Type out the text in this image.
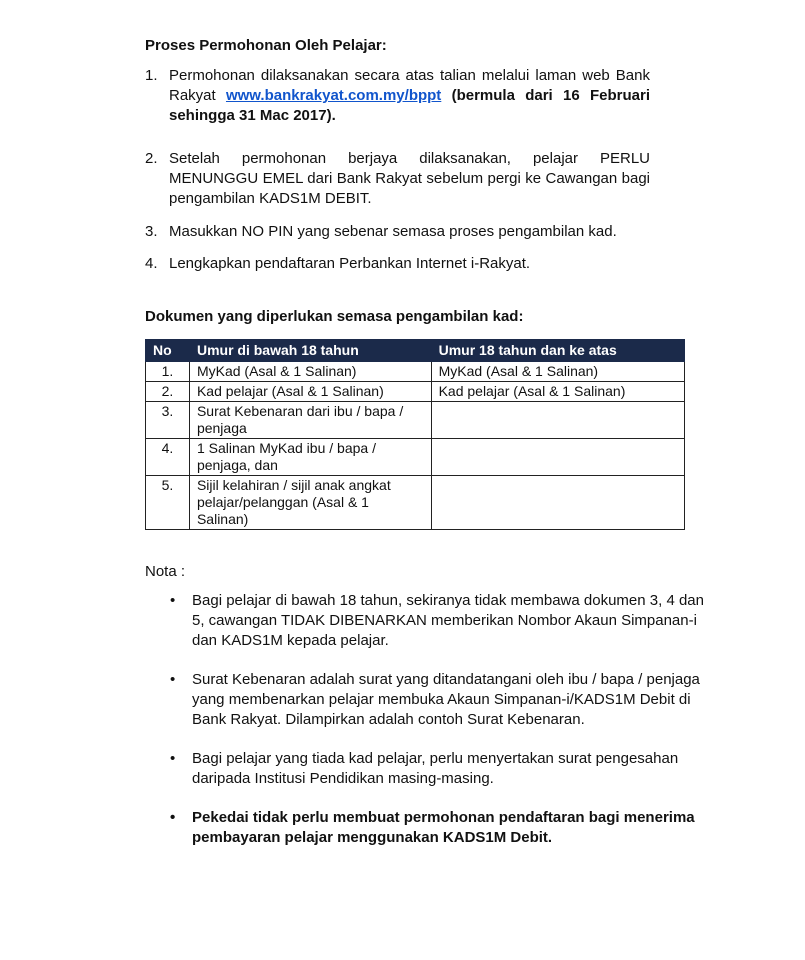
Proses Permohonan Oleh Pelajar:
1. Permohonan dilaksanakan secara atas talian melalui laman web Bank Rakyat www.bankrakyat.com.my/bppt (bermula dari 16 Februari sehingga 31 Mac 2017).
2. Setelah permohonan berjaya dilaksanakan, pelajar PERLU MENUNGGU EMEL dari Bank Rakyat sebelum pergi ke Cawangan bagi pengambilan KADS1M DEBIT.
3. Masukkan NO PIN yang sebenar semasa proses pengambilan kad.
4. Lengkapkan pendaftaran Perbankan Internet i-Rakyat.
Dokumen yang diperlukan semasa pengambilan kad:
No	Umur di bawah 18 tahun	Umur 18 tahun dan ke atas
1.	MyKad (Asal & 1 Salinan)	MyKad (Asal & 1 Salinan)
2.	Kad pelajar (Asal & 1 Salinan)	Kad pelajar (Asal & 1 Salinan)
3.	Surat Kebenaran dari ibu / bapa / penjaga	
4.	1 Salinan MyKad ibu / bapa / penjaga, dan	
5.	Sijil kelahiran / sijil anak angkat pelajar/pelanggan (Asal & 1 Salinan)	
Nota :
• Bagi pelajar di bawah 18 tahun, sekiranya tidak membawa dokumen 3, 4 dan 5, cawangan TIDAK DIBENARKAN memberikan Nombor Akaun Simpanan-i dan KADS1M kepada pelajar.
• Surat Kebenaran adalah surat yang ditandatangani oleh ibu / bapa / penjaga yang membenarkan pelajar membuka Akaun Simpanan-i/KADS1M Debit di Bank Rakyat. Dilampirkan adalah contoh Surat Kebenaran.
• Bagi pelajar yang tiada kad pelajar, perlu menyertakan surat pengesahan daripada Institusi Pendidikan masing-masing.
• Pekedai tidak perlu membuat permohonan pendaftaran bagi menerima pembayaran pelajar menggunakan KADS1M Debit.
